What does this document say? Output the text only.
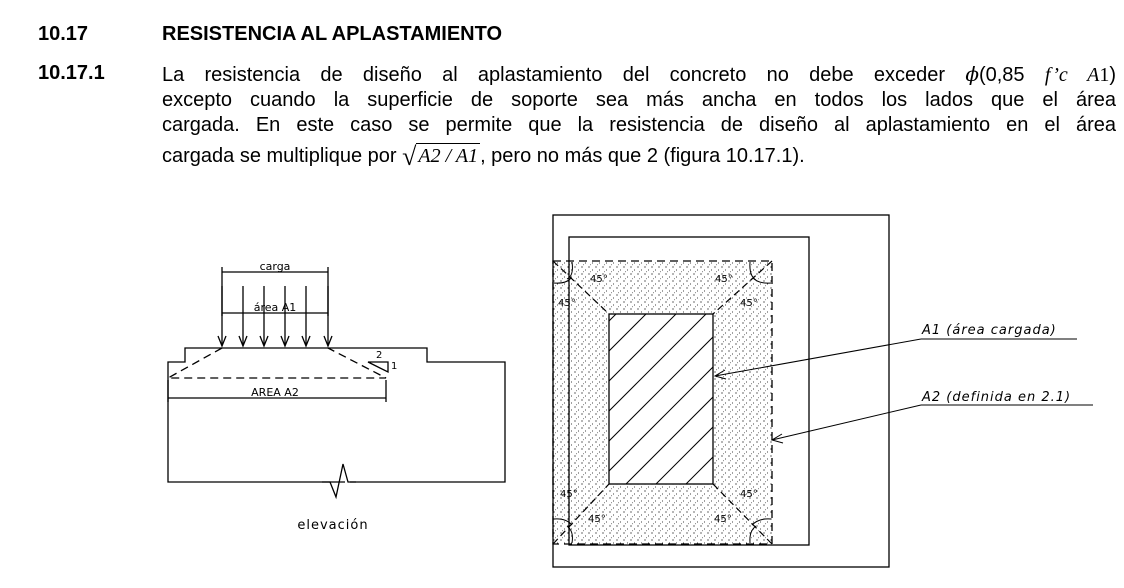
10.17	RESISTENCIA AL APLASTAMIENTO
10.17.1	La resistencia de diseño al aplastamiento del concreto no debe exceder ϕ(0,85 f’c A1)
excepto cuando la superficie de soporte sea más ancha en todos los lados que el área
cargada. En este caso se permite que la resistencia de diseño al aplastamiento en el área
cargada se multiplique por √ A2 / A1 , pero no más que 2 (figura 10.17.1).
carga
área A1
AREA A2
2
1
elevación
45°
45°
45°
45°
45°
45°
45°
45°
A1 (área cargada)
A2 (definida en 2.1)
